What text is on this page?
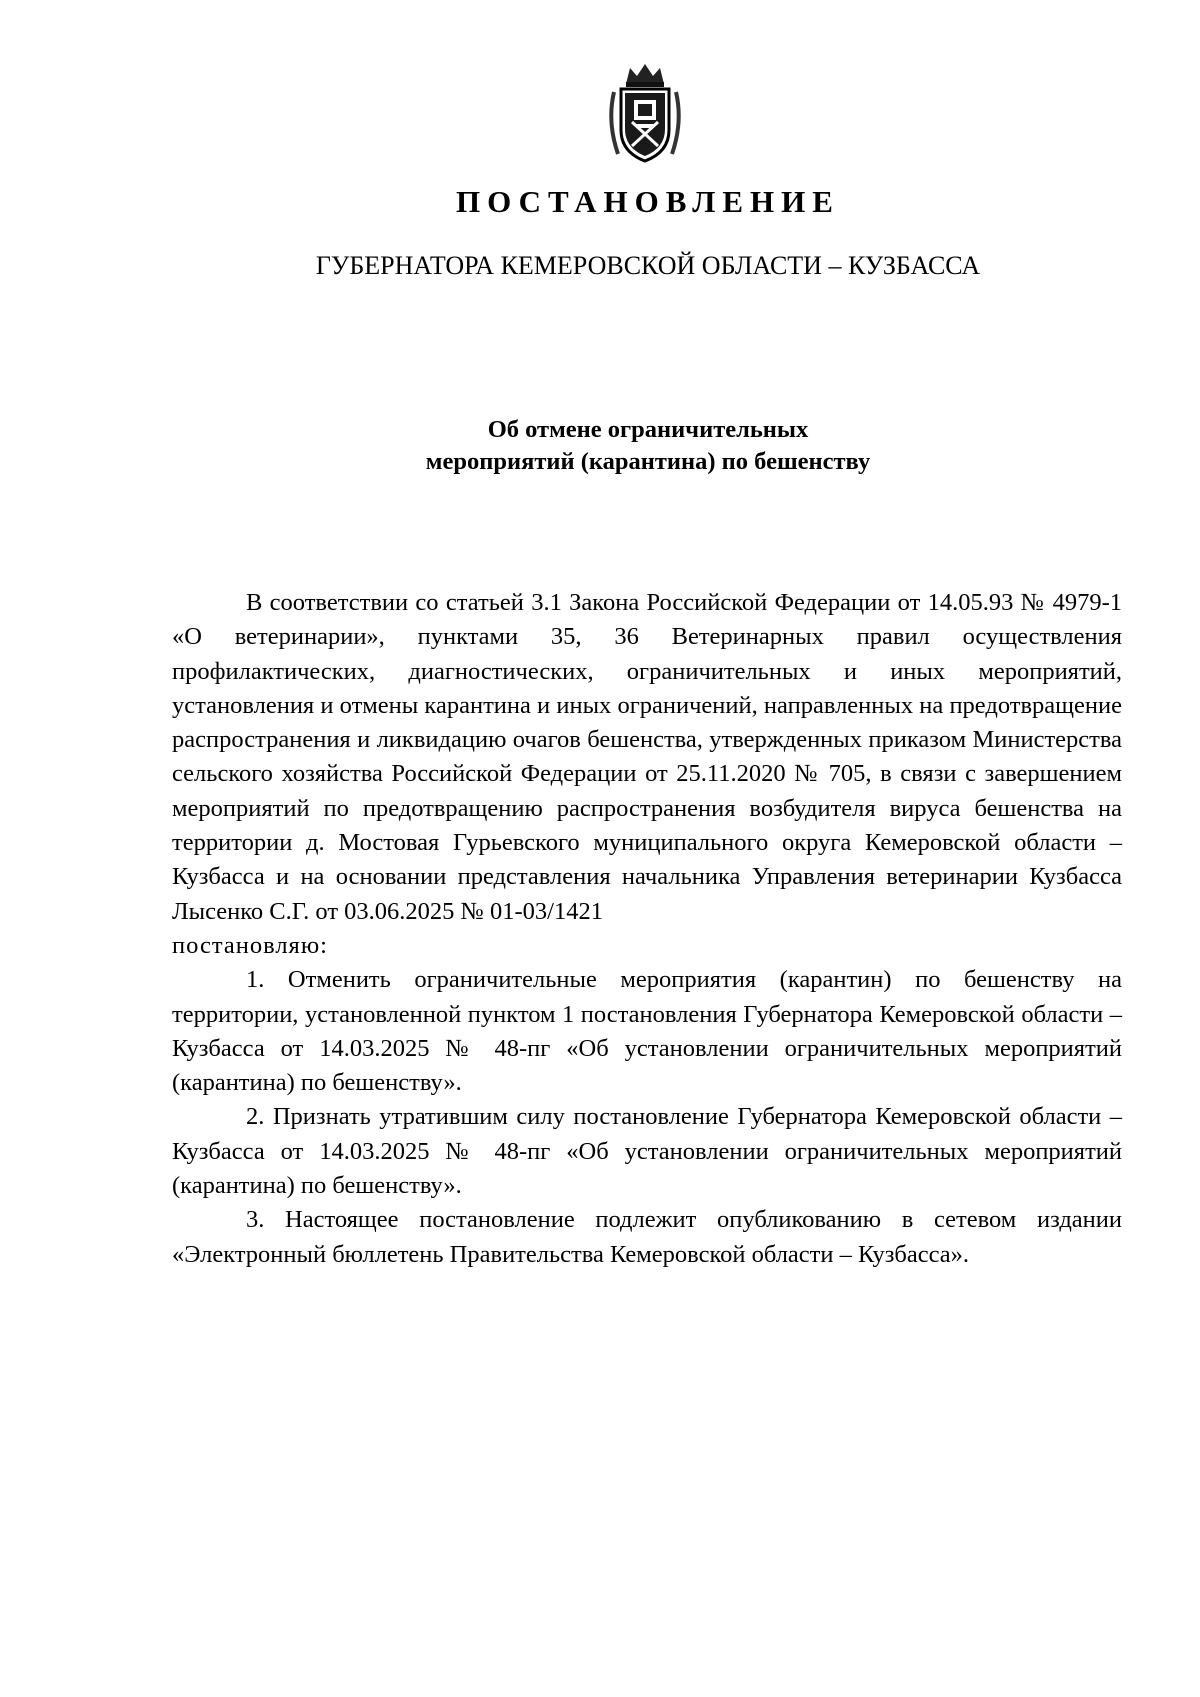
ПОСТАНОВЛЕНИЕ
ГУБЕРНАТОРА КЕМЕРОВСКОЙ ОБЛАСТИ – КУЗБАССА
Об отмене ограничительных
мероприятий (карантина) по бешенству

В соответствии со статьей 3.1 Закона Российской Федерации от 14.05.93 № 4979-1 «О ветеринарии», пунктами 35, 36 Ветеринарных правил осуществления профилактических, диагностических, ограничительных и иных мероприятий, установления и отмены карантина и иных ограничений, направленных на предотвращение распространения и ликвидацию очагов бешенства, утвержденных приказом Министерства сельского хозяйства Российской Федерации от 25.11.2020 № 705, в связи с завершением мероприятий по предотвращению распространения возбудителя вируса бешенства на территории д. Мостовая Гурьевского муниципального округа Кемеровской области – Кузбасса и на основании представления начальника Управления ветеринарии Кузбасса Лысенко С.Г. от 03.06.2025 № 01-03/1421

постановляю:

1. Отменить ограничительные мероприятия (карантин) по бешенству на территории, установленной пунктом 1 постановления Губернатора Кемеровской области – Кузбасса от 14.03.2025 № 48-пг «Об установлении ограничительных мероприятий (карантина) по бешенству».

2. Признать утратившим силу постановление Губернатора Кемеровской области – Кузбасса от 14.03.2025 № 48-пг «Об установлении ограничительных мероприятий (карантина) по бешенству».

3. Настоящее постановление подлежит опубликованию в сетевом издании «Электронный бюллетень Правительства Кемеровской области – Кузбасса».
